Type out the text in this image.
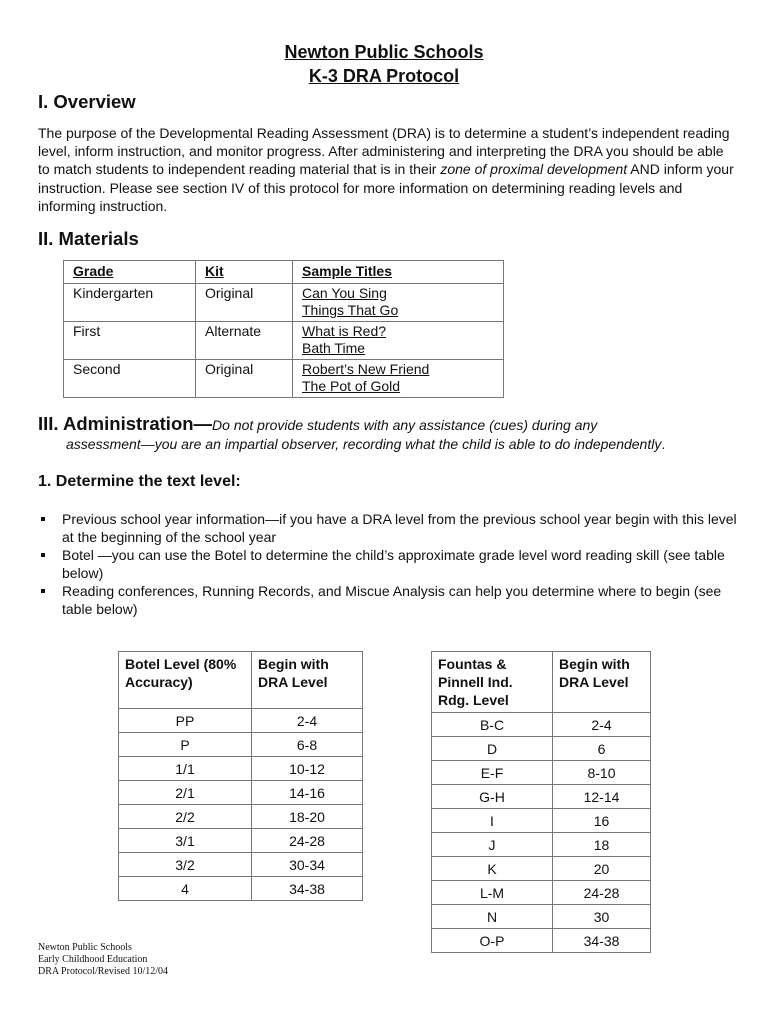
Newton Public Schools
K-3 DRA Protocol
I. Overview

The purpose of the Developmental Reading Assessment (DRA) is to determine a student’s independent reading level, inform instruction, and monitor progress. After administering and interpreting the DRA you should be able to match students to independent reading material that is in their zone of proximal development AND inform your instruction. Please see section IV of this protocol for more information on determining reading levels and informing instruction.

II. Materials
Grade	Kit	Sample Titles
Kindergarten	Original	Can You Sing
Things That Go

First	Alternate	What is Red?
Bath Time

Second	Original	Robert’s New Friend
The Pot of Gold
III. Administration—Do not provide students with any assistance (cues) during any
assessment—you are an impartial observer, recording what the child is able to do independently.
1. Determine the text level:
Previous school year information—if you have a DRA level from the previous school year begin with this level at the beginning of the school year
Botel —you can use the Botel to determine the child’s approximate grade level word reading skill (see table below)
Reading conferences, Running Records, and Miscue Analysis can help you determine where to begin (see table below)
Botel Level (80% Accuracy)	Begin with DRA Level
PP	2-4
P	6-8
1/1	10-12
2/1	14-16
2/2	18-20
3/1	24-28
3/2	30-34
4	34-38
Fountas & Pinnell Ind. Rdg. Level	Begin with DRA Level
B-C	2-4
D	6
E-F	8-10
G-H	12-14
I	16
J	18
K	20
L-M	24-28
N	30
O-P	34-38
Newton Public Schools
Early Childhood Education
DRA Protocol/Revised 10/12/04
